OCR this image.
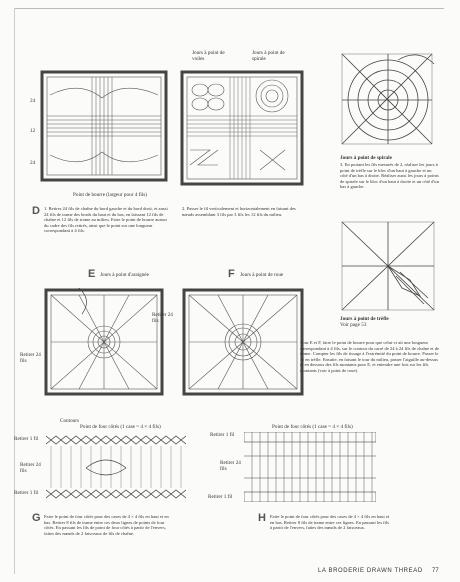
24
12
24
Point de bourre (largeur pour 4 fils)
Jours à point de voiles
Jours à point de spirale
Jours à point de spirale
3. En portant les fils mesurés de 2, réaliser les jours à point de trèfle sur le bloc d'un haut à gauche et un côté d'un bas à droite. Réaliser aussi les jours à points de spirale sur le bloc d'un haut à droite et un côté d'un bas à gauche.
Jours à point de trèfle
Voir page 53
D 1. Retirer 24 fils de chaîne du bord gauche et du bord droit, et aussi 24 fils de trame des bords du haut et du bas, en laissant 12 fils de chaîne et 12 fils de trame au milieu. Faire le point de bourre autour du cadre des fils retirés, ainsi que le point sur une longueur correspondant à 4 fils.
2. Passer le fil verticalement et horizontalement en faisant des nœuds assemblant 3 fils par 3 fils les 12 fils du milieu.
E Jours à point d'araignée
Retirer 24 fils
F Jours à point de roue
Retirer 24 fils
Pour E et F, faire le point de bourre pour que celui-ci ait une longueur correspondant à 4 fils, sur le contour du carré de 24 à 24 fils de chaîne et de trame. Compter les fils de tissage à l'extrémité du point de bourre. Passer le fil en trèfle. Ensuite, en faisant le tour du milieu, passer l'aiguille au-dessus et en dessous des fils montants pour E, et entendre une fois sur les fils montants (voir à point de roue).
Contours
Point de four côtés (1 case = 4 × 4 fils)
Retirer 1 fil
Retirer 24 fils
Retirer 1 fil
G Faire le point de four côtés pour des cases de 4 × 4 fils en haut et en bas. Retirer 8 fils de trame entre ces deux lignes de points de four côtés. En passant les fils de point de four côtés à partir de l'envers, faites des nœuds de 2 faisceaux de fils de chaîne.
Point de four côtés (1 case = 4 × 4 fils)
Retirer 1 fil
Retirer 24 fils
Retirer 1 fil
H Faire le point de four côtés pour des cases de 4 × 4 fils en haut et en bas. Retirer 8 fils de trame entre ces lignes. En passant les fils à partir de l'envers, faites des nœuds de 2 faisceaux.
LA BRODERIE DRAWN THREAD 77
